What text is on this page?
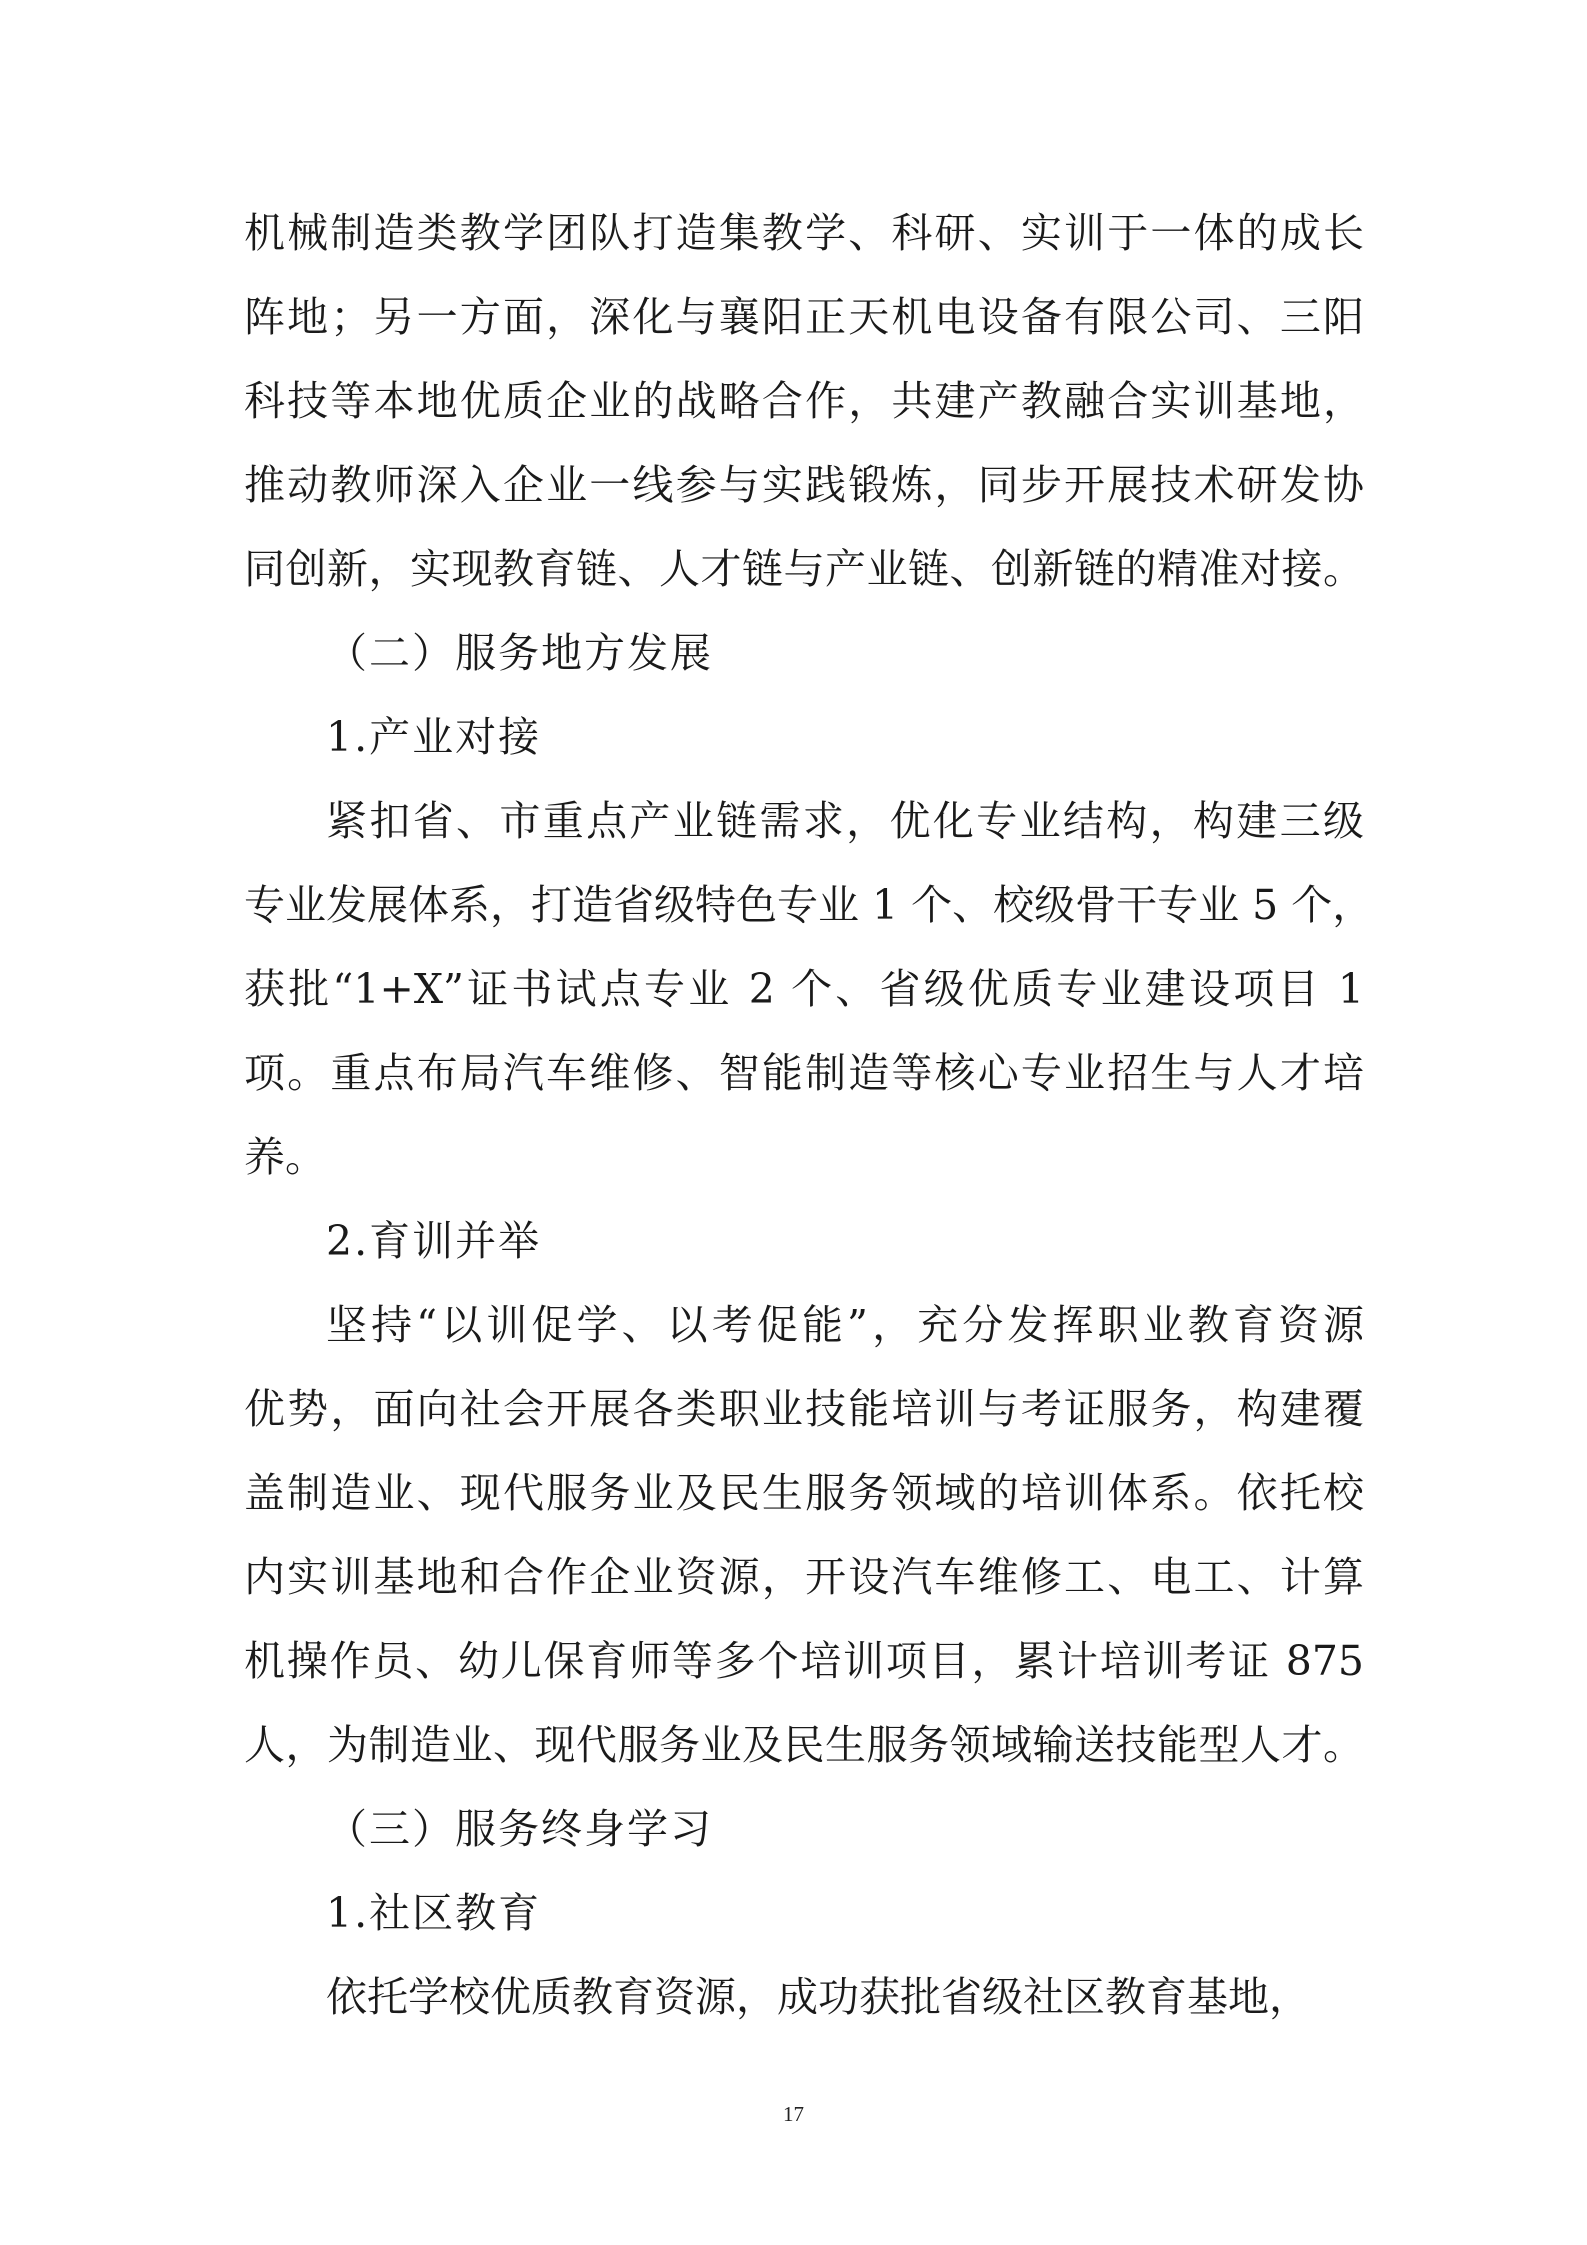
机械制造类教学团队打造集教学、科研、实训于一体的成长
阵地；另一方面，深化与襄阳正天机电设备有限公司、三阳
科技等本地优质企业的战略合作，共建产教融合实训基地，
推动教师深入企业一线参与实践锻炼，同步开展技术研发协
同创新，实现教育链、人才链与产业链、创新链的精准对接。
（二）服务地方发展
1.产业对接
紧扣省、市重点产业链需求，优化专业结构，构建三级
专业发展体系，打造省级特色专业 1 个、校级骨干专业 5 个，
获批“1+X”证书试点专业 2 个、省级优质专业建设项目 1
项。重点布局汽车维修、智能制造等核心专业招生与人才培
养。
2.育训并举
坚持“以训促学、以考促能”，充分发挥职业教育资源
优势，面向社会开展各类职业技能培训与考证服务，构建覆
盖制造业、现代服务业及民生服务领域的培训体系。依托校
内实训基地和合作企业资源，开设汽车维修工、电工、计算
机操作员、幼儿保育师等多个培训项目，累计培训考证 875
人，为制造业、现代服务业及民生服务领域输送技能型人才。
（三）服务终身学习
1.社区教育
依托学校优质教育资源，成功获批省级社区教育基地，
17
